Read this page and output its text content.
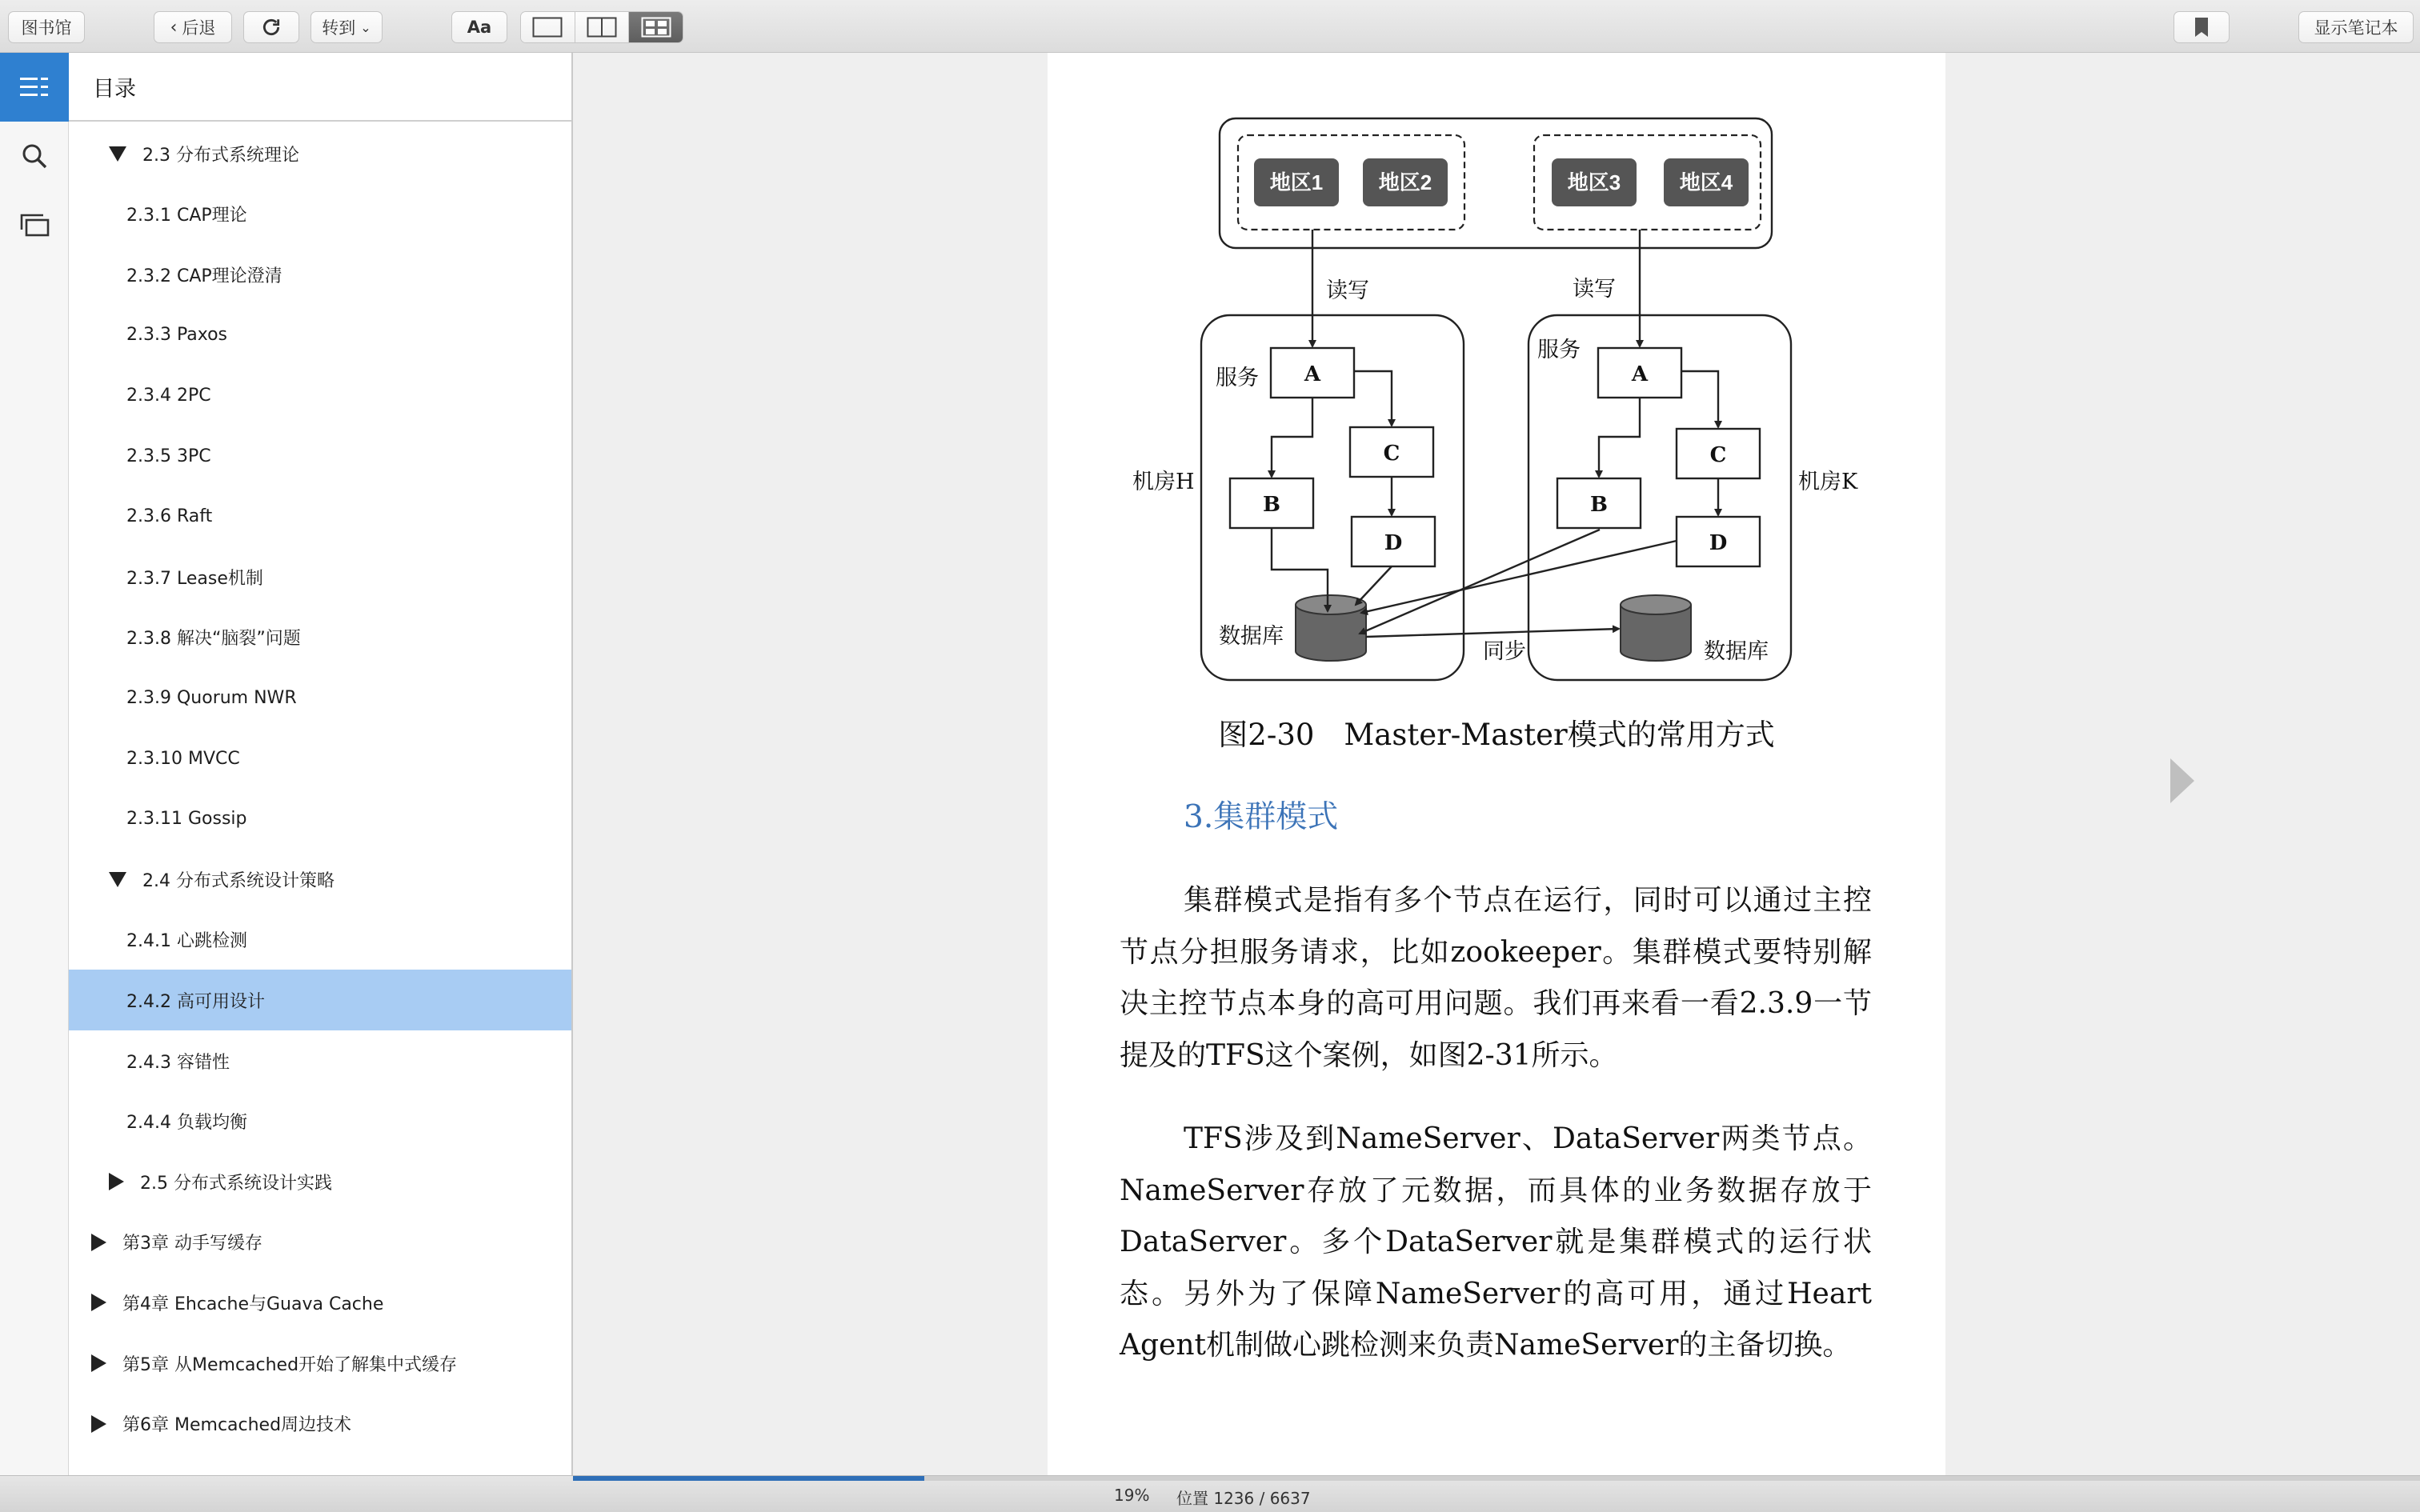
图书馆	‹ 后退	转到 ⌄	Aa	显示笔记本
目录
2.3 分布式系统理论
2.3.1 CAP理论
2.3.2 CAP理论澄清
2.3.3 Paxos
2.3.4 2PC
2.3.5 3PC
2.3.6 Raft
2.3.7 Lease机制
2.3.8 解决“脑裂”问题
2.3.9 Quorum NWR
2.3.10 MVCC
2.3.11 Gossip
2.4 分布式系统设计策略
2.4.1 心跳检测
2.4.2 高可用设计
2.4.3 容错性
2.4.4 负载均衡
2.5 分布式系统设计实践
第3章 动手写缓存
第4章 Ehcache与Guava Cache
第5章 从Memcached开始了解集中式缓存
第6章 Memcached周边技术
地区1	地区2	地区3	地区4
读写	读写
服务
服务
机房H	机房K
数据库
数据库
同步
A
C
B
D
A
C
B
D
图2-30　Master-Master模式的常用方式
3.集群模式
集群模式是指有多个节点在运行，同时可以通过主控节点分担服务请求，比如zookeeper。集群模式要特别解决主控节点本身的高可用问题。我们再来看一看2.3.9一节提及的TFS这个案例，如图2-31所示。
TFS涉及到NameServer、DataServer两类节点。NameServer存放了元数据，而具体的业务数据存放于DataServer。多个DataServer就是集群模式的运行状态。另外为了保障NameServer的高可用，通过Heart Agent机制做心跳检测来负责NameServer的主备切换。
19% 位置 1236 / 6637
